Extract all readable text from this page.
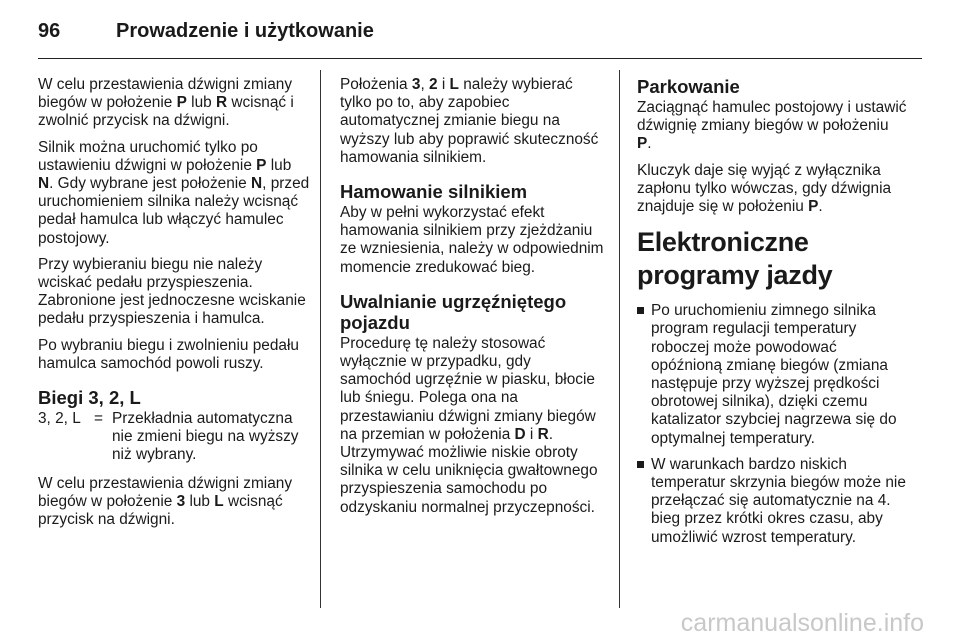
96	Prowadzenie i użytkowanie

W celu przestawienia dźwigni zmiany biegów w położenie P lub R wcisnąć i zwolnić przycisk na dźwigni.

Silnik można uruchomić tylko po ustawieniu dźwigni w położenie P lub N. Gdy wybrane jest położenie N, przed uruchomieniem silnika należy wcisnąć pedał hamulca lub włączyć hamulec postojowy.

Przy wybieraniu biegu nie należy wciskać pedału przyspieszenia. Zabronione jest jednoczesne wciskanie pedału przyspieszenia i hamulca.

Po wybraniu biegu i zwolnieniu pedału hamulca samochód powoli ruszy.

Biegi 3, 2, L
3, 2, L = Przekładnia automatyczna nie zmieni biegu na wyższy niż wybrany.

W celu przestawienia dźwigni zmiany biegów w położenie 3 lub L wcisnąć przycisk na dźwigni.

Położenia 3, 2 i L należy wybierać tylko po to, aby zapobiec automatycznej zmianie biegu na wyższy lub aby poprawić skuteczność hamowania silnikiem.

Hamowanie silnikiem

Aby w pełni wykorzystać efekt hamowania silnikiem przy zjeżdżaniu ze wzniesienia, należy w odpowiednim momencie zredukować bieg.

Uwalnianie ugrzęźniętego pojazdu

Procedurę tę należy stosować wyłącznie w przypadku, gdy samochód ugrzęźnie w piasku, błocie lub śniegu. Polega ona na przestawianiu dźwigni zmiany biegów na przemian w położenia D i R. Utrzymywać możliwie niskie obroty silnika w celu uniknięcia gwałtownego przyspieszenia samochodu po odzyskaniu normalnej przyczepności.

Parkowanie

Zaciągnąć hamulec postojowy i ustawić dźwignię zmiany biegów w położeniu P.

Kluczyk daje się wyjąć z wyłącznika zapłonu tylko wówczas, gdy dźwignia znajduje się w położeniu P.

Elektroniczne programy jazdy
Po uruchomieniu zimnego silnika program regulacji temperatury roboczej może powodować opóźnioną zmianę biegów (zmiana następuje przy wyższej prędkości obrotowej silnika), dzięki czemu katalizator szybciej nagrzewa się do optymalnej temperatury.
W warunkach bardzo niskich temperatur skrzynia biegów może nie przełączać się automatycznie na 4. bieg przez krótki okres czasu, aby umożliwić wzrost temperatury.
carmanualsonline.info
